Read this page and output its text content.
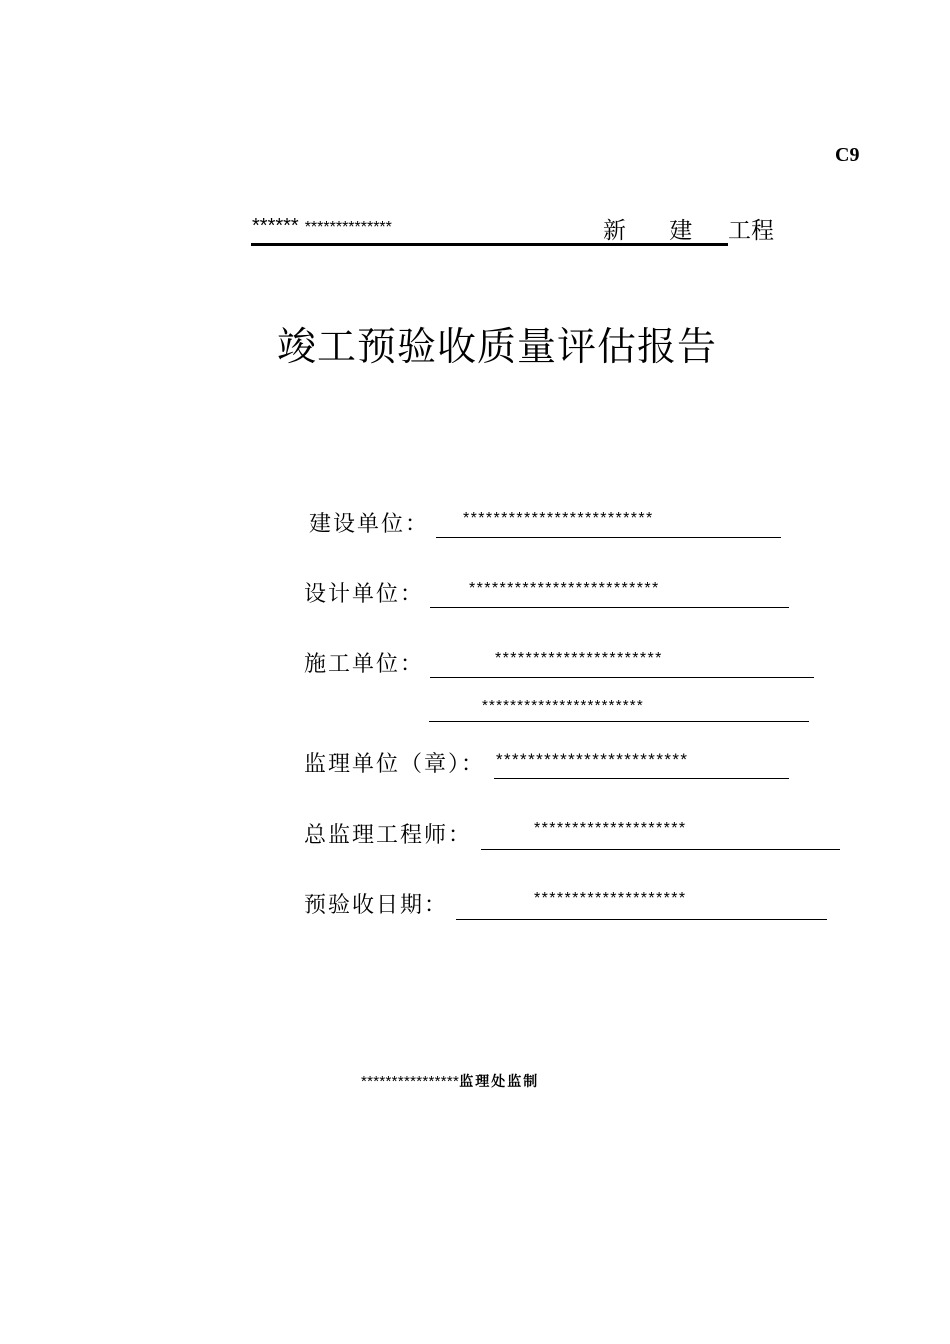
C9
****** **************	新 建 工程
竣工预验收质量评估报告
建设单位： *************************
设计单位：	*************************
施工单位：	**********************
***********************
监理单位（章）： ************************
总监理工程师：	********************
预验收日期：	********************
****************监理处监制
